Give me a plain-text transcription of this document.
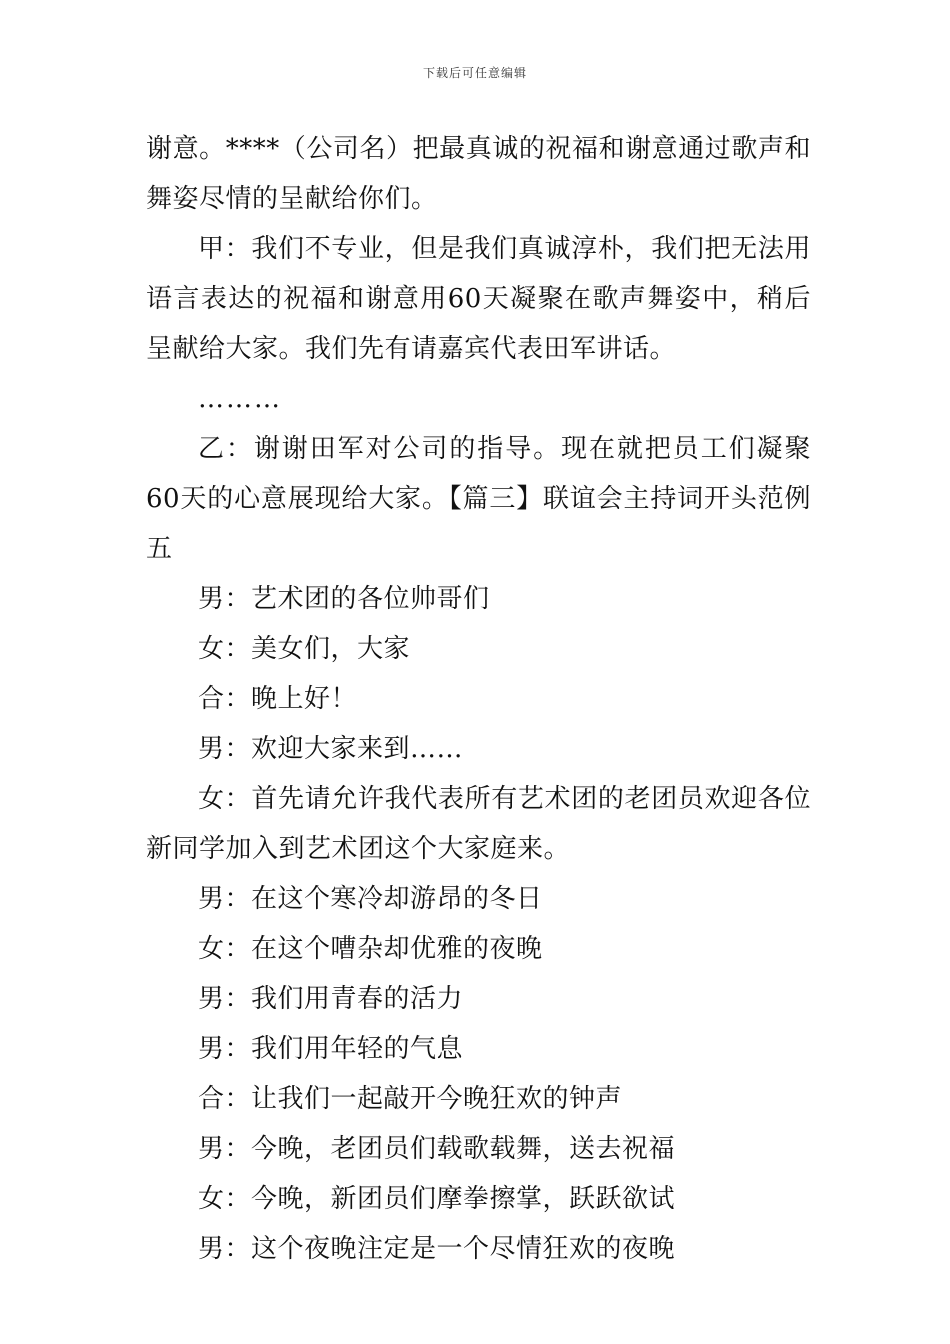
下载后可任意编辑

谢意。****（公司名）把最真诚的祝福和谢意通过歌声和舞姿尽情的呈献给你们。

甲：我们不专业，但是我们真诚淳朴，我们把无法用语言表达的祝福和谢意用60天凝聚在歌声舞姿中，稍后呈献给大家。我们先有请嘉宾代表田军讲话。

………

乙：谢谢田军对公司的指导。现在就把员工们凝聚60天的心意展现给大家。【篇三】联谊会主持词开头范例五

男：艺术团的各位帅哥们

女：美女们，大家

合：晚上好！

男：欢迎大家来到……

女：首先请允许我代表所有艺术团的老团员欢迎各位新同学加入到艺术团这个大家庭来。

男：在这个寒冷却游昂的冬日

女：在这个嘈杂却优雅的夜晚

男：我们用青春的活力

男：我们用年轻的气息

合：让我们一起敲开今晚狂欢的钟声

男：今晚，老团员们载歌载舞，送去祝福

女：今晚，新团员们摩拳擦掌，跃跃欲试

男：这个夜晚注定是一个尽情狂欢的夜晚
